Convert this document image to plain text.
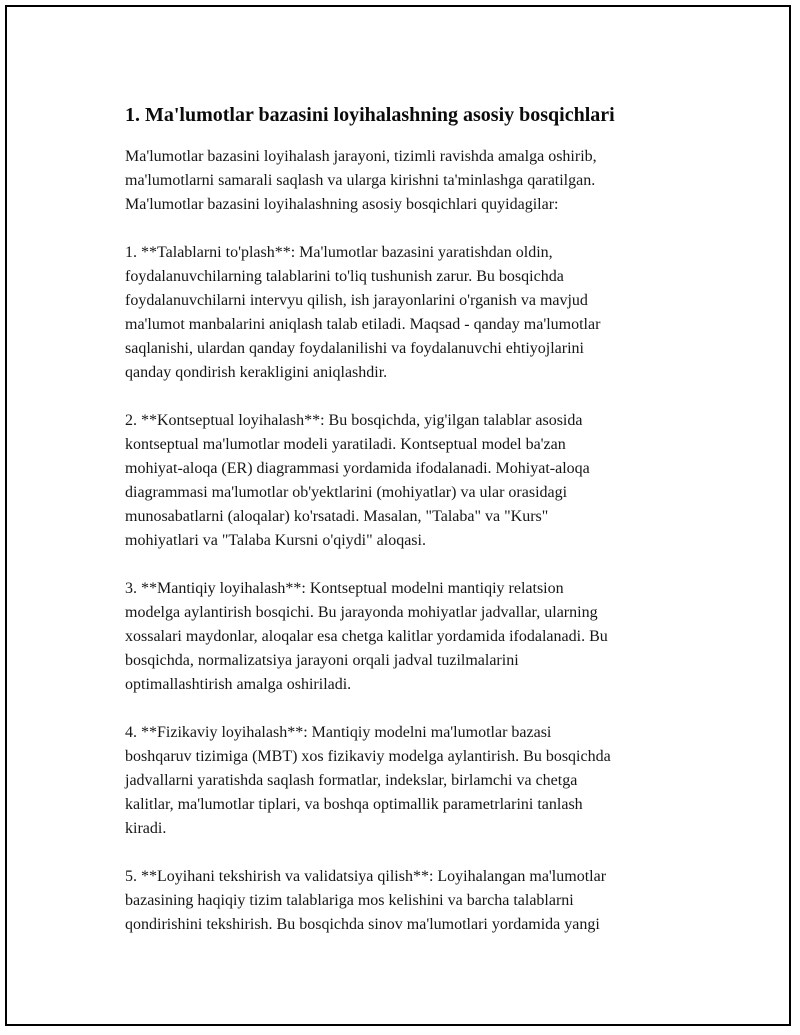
1. Ma'lumotlar bazasini loyihalashning asosiy bosqichlari

Ma'lumotlar bazasini loyihalash jarayoni, tizimli ravishda amalga oshirib,
ma'lumotlarni samarali saqlash va ularga kirishni ta'minlashga qaratilgan.
Ma'lumotlar bazasini loyihalashning asosiy bosqichlari quyidagilar:

1. **Talablarni to'plash**: Ma'lumotlar bazasini yaratishdan oldin,
foydalanuvchilarning talablarini to'liq tushunish zarur. Bu bosqichda
foydalanuvchilarni intervyu qilish, ish jarayonlarini o'rganish va mavjud
ma'lumot manbalarini aniqlash talab etiladi. Maqsad - qanday ma'lumotlar
saqlanishi, ulardan qanday foydalanilishi va foydalanuvchi ehtiyojlarini
qanday qondirish kerakligini aniqlashdir.

2. **Kontseptual loyihalash**: Bu bosqichda, yig'ilgan talablar asosida
kontseptual ma'lumotlar modeli yaratiladi. Kontseptual model ba'zan
mohiyat-aloqa (ER) diagrammasi yordamida ifodalanadi. Mohiyat-aloqa
diagrammasi ma'lumotlar ob'yektlarini (mohiyatlar) va ular orasidagi
munosabatlarni (aloqalar) ko'rsatadi. Masalan, "Talaba" va "Kurs"
mohiyatlari va "Talaba Kursni o'qiydi" aloqasi.

3. **Mantiqiy loyihalash**: Kontseptual modelni mantiqiy relatsion
modelga aylantirish bosqichi. Bu jarayonda mohiyatlar jadvallar, ularning
xossalari maydonlar, aloqalar esa chetga kalitlar yordamida ifodalanadi. Bu
bosqichda, normalizatsiya jarayoni orqali jadval tuzilmalarini
optimallashtirish amalga oshiriladi.

4. **Fizikaviy loyihalash**: Mantiqiy modelni ma'lumotlar bazasi
boshqaruv tizimiga (MBT) xos fizikaviy modelga aylantirish. Bu bosqichda
jadvallarni yaratishda saqlash formatlar, indekslar, birlamchi va chetga
kalitlar, ma'lumotlar tiplari, va boshqa optimallik parametrlarini tanlash
kiradi.

5. **Loyihani tekshirish va validatsiya qilish**: Loyihalangan ma'lumotlar
bazasining haqiqiy tizim talablariga mos kelishini va barcha talablarni
qondirishini tekshirish. Bu bosqichda sinov ma'lumotlari yordamida yangi
